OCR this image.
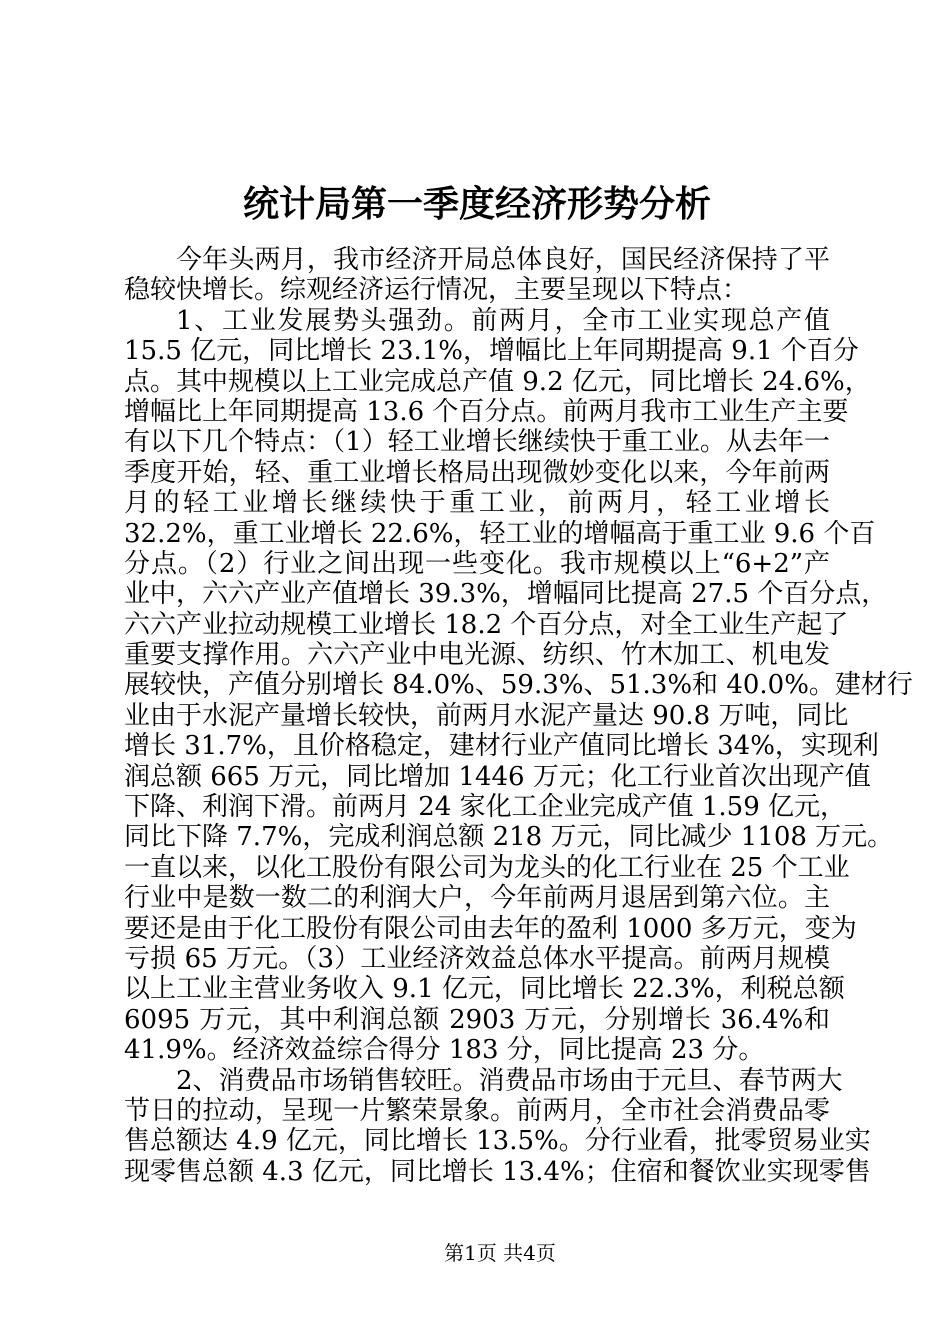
统计局第一季度经济形势分析
今年头两月，我市经济开局总体良好，国民经济保持了平
稳较快增长。综观经济运行情况，主要呈现以下特点：
1、工业发展势头强劲。前两月，全市工业实现总产值
15.5 亿元，同比增长 23.1%，增幅比上年同期提高 9.1 个百分
点。其中规模以上工业完成总产值 9.2 亿元，同比增长 24.6%，
增幅比上年同期提高 13.6 个百分点。前两月我市工业生产主要
有以下几个特点：（1）轻工业增长继续快于重工业。从去年一
季度开始，轻、重工业增长格局出现微妙变化以来，今年前两
月的轻工业增长继续快于重工业，前两月，轻工业增长
32.2%，重工业增长 22.6%，轻工业的增幅高于重工业 9.6 个百
分点。（2）行业之间出现一些变化。我市规模以上“6+2”产
业中，六六产业产值增长 39.3%，增幅同比提高 27.5 个百分点，
六六产业拉动规模工业增长 18.2 个百分点，对全工业生产起了
重要支撑作用。六六产业中电光源、纺织、竹木加工、机电发
展较快，产值分别增长 84.0%、59.3%、51.3%和 40.0%。建材行
业由于水泥产量增长较快，前两月水泥产量达 90.8 万吨，同比
增长 31.7%，且价格稳定，建材行业产值同比增长 34%，实现利
润总额 665 万元，同比增加 1446 万元；化工行业首次出现产值
下降、利润下滑。前两月 24 家化工企业完成产值 1.59 亿元，
同比下降 7.7%，完成利润总额 218 万元，同比减少 1108 万元。
一直以来，以化工股份有限公司为龙头的化工行业在 25 个工业
行业中是数一数二的利润大户，今年前两月退居到第六位。主
要还是由于化工股份有限公司由去年的盈利 1000 多万元，变为
亏损 65 万元。（3）工业经济效益总体水平提高。前两月规模
以上工业主营业务收入 9.1 亿元，同比增长 22.3%，利税总额
6095 万元，其中利润总额 2903 万元，分别增长 36.4%和
41.9%。经济效益综合得分 183 分，同比提高 23 分。
2、消费品市场销售较旺。消费品市场由于元旦、春节两大
节日的拉动，呈现一片繁荣景象。前两月，全市社会消费品零
售总额达 4.9 亿元，同比增长 13.5%。分行业看，批零贸易业实
现零售总额 4.3 亿元，同比增长 13.4%；住宿和餐饮业实现零售
第1页 共4页
